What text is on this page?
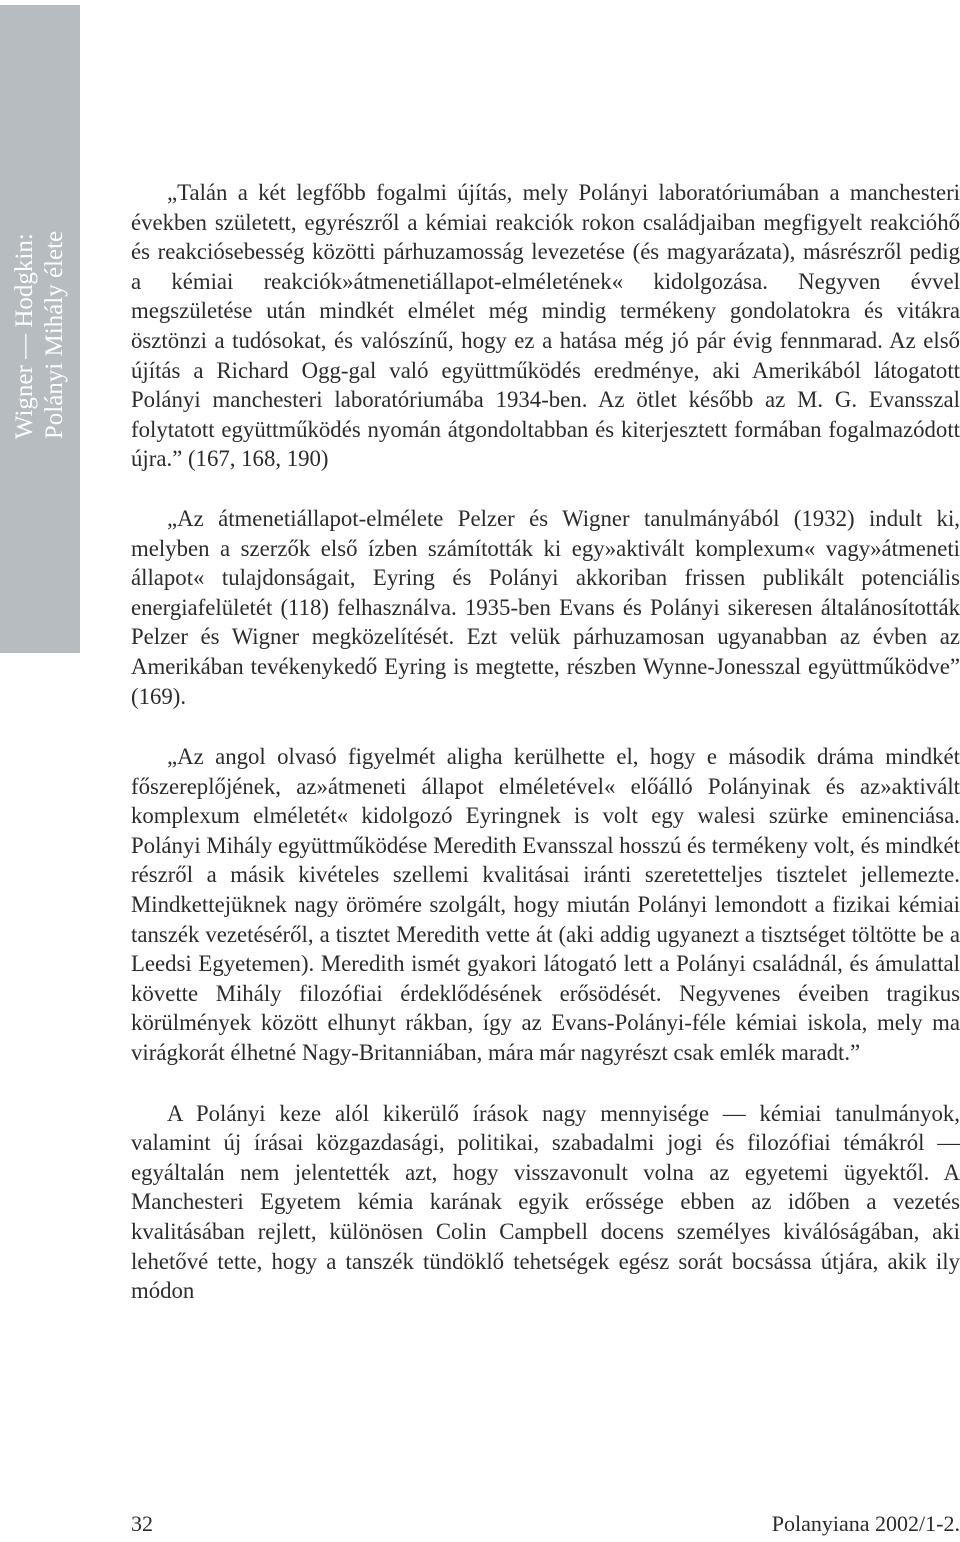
Wigner — Hodgkin: Polányi Mihály élete

„Talán a két legfőbb fogalmi újítás, mely Polányi laboratóriumában a manchesteri években született, egyrészről a kémiai reakciók rokon családjaiban megfigyelt reakcióhő és reakciósebesség közötti párhuzamosság levezetése (és magyarázata), másrészről pedig a kémiai reakciók»átmenetiállapot-elméletének« kidolgozása. Negyven évvel megszületése után mindkét elmélet még mindig termékeny gondolatokra és vitákra ösztönzi a tudósokat, és valószínű, hogy ez a hatása még jó pár évig fennmarad. Az első újítás a Richard Ogg-gal való együttműködés eredménye, aki Amerikából látogatott Polányi manchesteri laboratóriumába 1934-ben. Az ötlet később az M. G. Evansszal folytatott együttműködés nyomán átgondoltabban és kiterjesztett formában fogalmazódott újra.” (167, 168, 190)

„Az átmenetiállapot-elmélete Pelzer és Wigner tanulmányából (1932) indult ki, melyben a szerzők első ízben számították ki egy»aktivált komplexum« vagy»átmeneti állapot« tulajdonságait, Eyring és Polányi akkoriban frissen publikált potenciális energiafelületét (118) felhasználva. 1935-ben Evans és Polányi sikeresen általánosították Pelzer és Wigner megközelítését. Ezt velük párhuzamosan ugyanabban az évben az Amerikában tevékenykedő Eyring is megtette, részben Wynne-Jonesszal együttműködve” (169).

„Az angol olvasó figyelmét aligha kerülhette el, hogy e második dráma mindkét főszereplőjének, az»átmeneti állapot elméletével« előálló Polányinak és az»aktivált komplexum elméletét« kidolgozó Eyringnek is volt egy walesi szürke eminenciása. Polányi Mihály együttműködése Meredith Evansszal hosszú és termékeny volt, és mindkét részről a másik kivételes szellemi kvalitásai iránti szeretetteljes tisztelet jellemezte. Mindkettejüknek nagy örömére szolgált, hogy miután Polányi lemondott a fizikai kémiai tanszék vezetéséről, a tisztet Meredith vette át (aki addig ugyanezt a tisztséget töltötte be a Leedsi Egyetemen). Meredith ismét gyakori látogató lett a Polányi családnál, és ámulattal követte Mihály filozófiai érdeklődésének erősödését. Negyvenes éveiben tragikus körülmények között elhunyt rákban, így az Evans-Polányi-féle kémiai iskola, mely ma virágkorát élhetné Nagy-Britanniában, mára már nagyrészt csak emlék maradt.”

A Polányi keze alól kikerülő írások nagy mennyisége — kémiai tanulmányok, valamint új írásai közgazdasági, politikai, szabadalmi jogi és filozófiai témákról — egyáltalán nem jelentették azt, hogy visszavonult volna az egyetemi ügyektől. A Manchesteri Egyetem kémia karának egyik erőssége ebben az időben a vezetés kvalitásában rejlett, különösen Colin Campbell docens személyes kiválóságában, aki lehetővé tette, hogy a tanszék tündöklő tehetségek egész sorát bocsássa útjára, akik ily módon

32	Polanyiana 2002/1-2.
